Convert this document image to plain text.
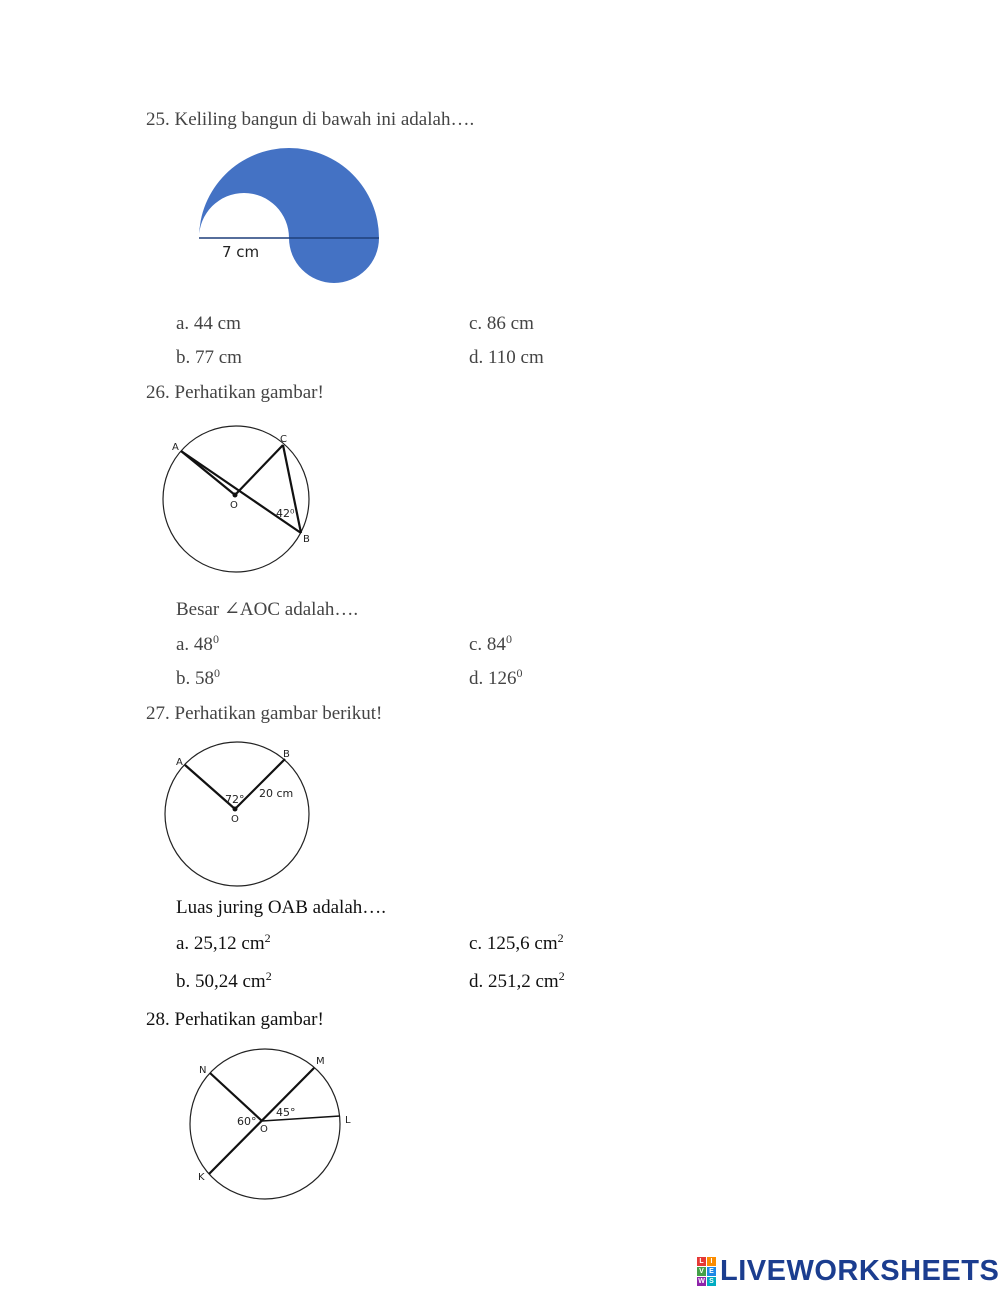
25. Keliling bangun di bawah ini adalah….
7 cm
a. 44 cm
b. 77 cm
c. 86 cm
d. 110 cm
26. Perhatikan gambar!
A
C
O
B
42⁰
Besar ∠AOC adalah….
a. $48^0$
b. $58^0$
c. $84^0$
d. $126^0$
27. Perhatikan gambar berikut!
A
B
O
72° 20 cm
Luas juring OAB adalah….
a. 25,12 $cm^2$
b. 50,24 $cm^2$
c. 125,6 $cm^2$
d. 251,2 $cm^2$
28. Perhatikan gambar!
N
M
O
L
K
60°
45°
L I
V E
W S LIVEWORKSHEETS
